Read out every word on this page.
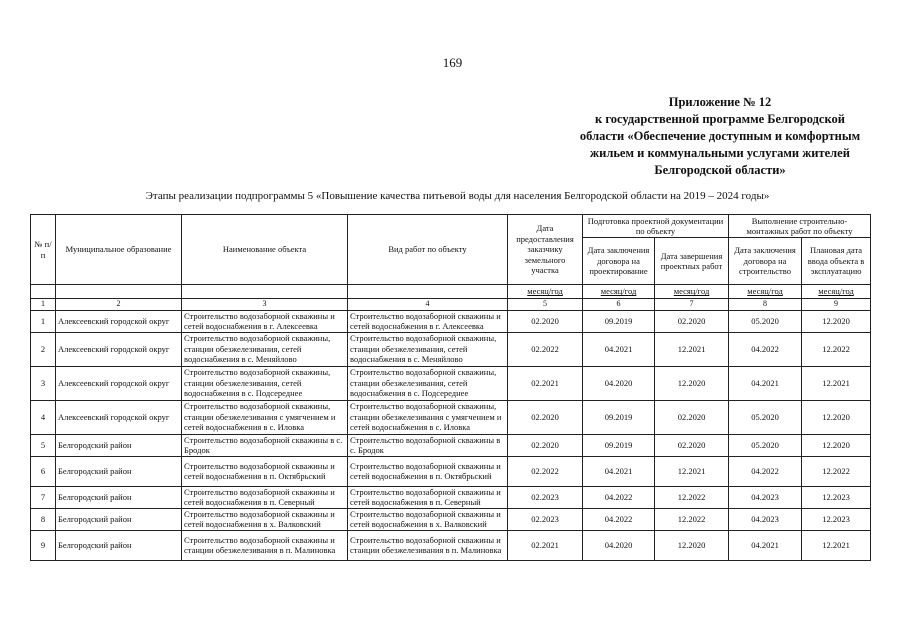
169
Приложение № 12
к государственной программе Белгородской
области «Обеспечение доступным и комфортным
жильем и коммунальными услугами жителей
Белгородской области»
Этапы реализации подпрограммы 5 «Повышение качества питьевой воды для населения Белгородской области на 2019 – 2024 годы»
№ п/п	Муниципальное образование	Наименование объекта	Вид работ по объекту	Дата предоставления заказчику земельного участка	Подготовка проектной документации по объекту		Выполнение строительно-монтажных работ по объекту	
					Дата заключения договора на проектирование	Дата завершения проектных работ	Дата заключения договора на строительство	Плановая дата ввода объекта в эксплуатацию
				месяц/год	месяц/год	месяц/год	месяц/год	месяц/год
1	2	3	4	5	6	7	8	9
1	Алексеевский городской округ	Строительство водозаборной скважины и сетей водоснабжения в г. Алексеевка	Строительство водозаборной скважины и сетей водоснабжения в г. Алексеевка	02.2020	09.2019	02.2020	05.2020	12.2020
2	Алексеевский городской округ	Строительство водозаборной скважины, станции обезжелезивания, сетей водоснабжения в с. Меняйлово	Строительство водозаборной скважины, станции обезжелезивания, сетей водоснабжения в с. Меняйлово	02.2022	04.2021	12.2021	04.2022	12.2022
3	Алексеевский городской округ	Строительство водозаборной скважины, станции обезжелезивания, сетей водоснабжения в с. Подсереднее	Строительство водозаборной скважины, станции обезжелезивания, сетей водоснабжения в с. Подсереднее	02.2021	04.2020	12.2020	04.2021	12.2021
4	Алексеевский городской округ	Строительство водозаборной скважины, станции обезжелезивания с умягчением и сетей водоснабжения в с. Иловка	Строительство водозаборной скважины, станции обезжелезивания с умягчением и сетей водоснабжения в с. Иловка	02.2020	09.2019	02.2020	05.2020	12.2020
5	Белгородский район	Строительство водозаборной скважины в с. Бродок	Строительство водозаборной скважины в с. Бродок	02.2020	09.2019	02.2020	05.2020	12.2020
6	Белгородский район	Строительство водозаборной скважины и сетей водоснабжения в п. Октябрьский	Строительство водозаборной скважины и сетей водоснабжения в п. Октябрьский	02.2022	04.2021	12.2021	04.2022	12.2022
7	Белгородский район	Строительство водозаборной скважины и сетей водоснабжения в п. Северный	Строительство водозаборной скважины и сетей водоснабжения в п. Северный	02.2023	04.2022	12.2022	04.2023	12.2023
8	Белгородский район	Строительство водозаборной скважины и сетей водоснабжения в х. Валковский	Строительство водозаборной скважины и сетей водоснабжения в х. Валковский	02.2023	04.2022	12.2022	04.2023	12.2023
9	Белгородский район	Строительство водозаборной скважины и станции обезжелезивания в п. Малиновка	Строительство водозаборной скважины и станции обезжелезивания в п. Малиновка	02.2021	04.2020	12.2020	04.2021	12.2021
